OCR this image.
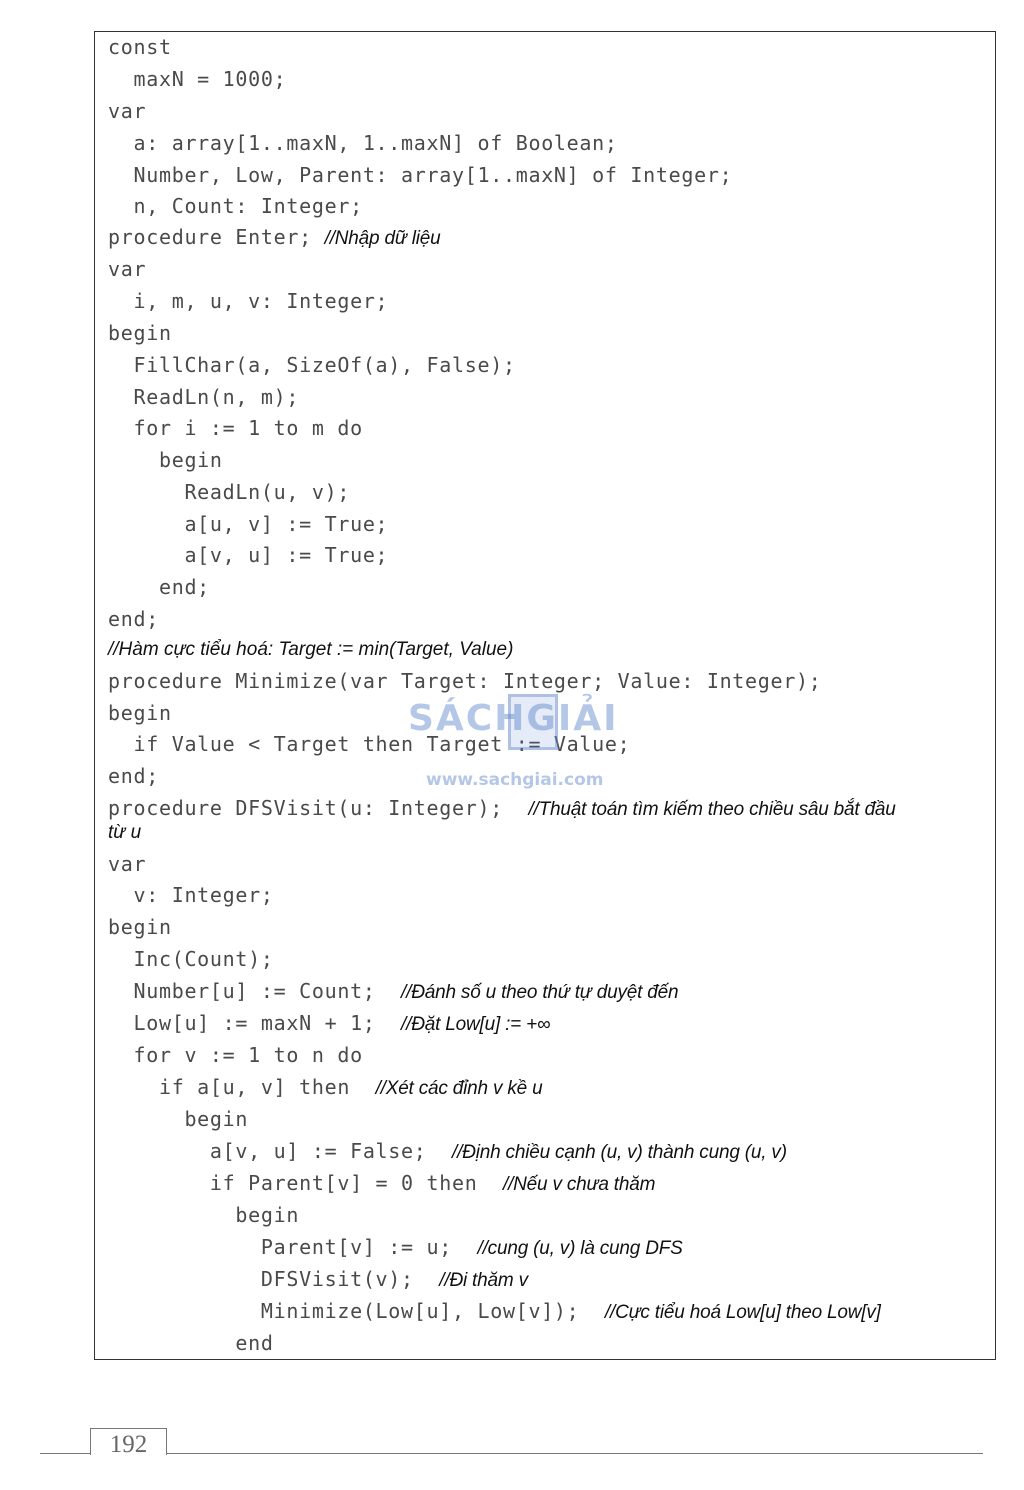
const
maxN = 1000;
var
a: array[1..maxN, 1..maxN] of Boolean;
Number, Low, Parent: array[1..maxN] of Integer;
n, Count: Integer;
procedure Enter; //Nhập dữ liệu
var
i, m, u, v: Integer;
begin
FillChar(a, SizeOf(a), False);
ReadLn(n, m);
for i := 1 to m do
begin
ReadLn(u, v);
a[u, v] := True;
a[v, u] := True;
end;
end;
//Hàm cực tiểu hoá: Target := min(Target, Value)
procedure Minimize(var Target: Integer; Value: Integer);
begin
if Value < Target then Target := Value;
end;
procedure DFSVisit(u: Integer);  //Thuật toán tìm kiếm theo chiều sâu bắt đầu
từ u
var
v: Integer;
begin
Inc(Count);
Number[u] := Count;  //Đánh số u theo thứ tự duyệt đến
Low[u] := maxN + 1;  //Đặt Low[u] := +∞
for v := 1 to n do
if a[u, v] then  //Xét các đỉnh v kề u
begin
a[v, u] := False;  //Định chiều cạnh (u, v) thành cung (u, v)
if Parent[v] = 0 then  //Nếu v chưa thăm
begin
Parent[v] := u;  //cung (u, v) là cung DFS
DFSVisit(v);  //Đi thăm v
Minimize(Low[u], Low[v]);  //Cực tiểu hoá Low[u] theo Low[v]
end
SÁCHGIẢI
www.sachgiai.com
192
